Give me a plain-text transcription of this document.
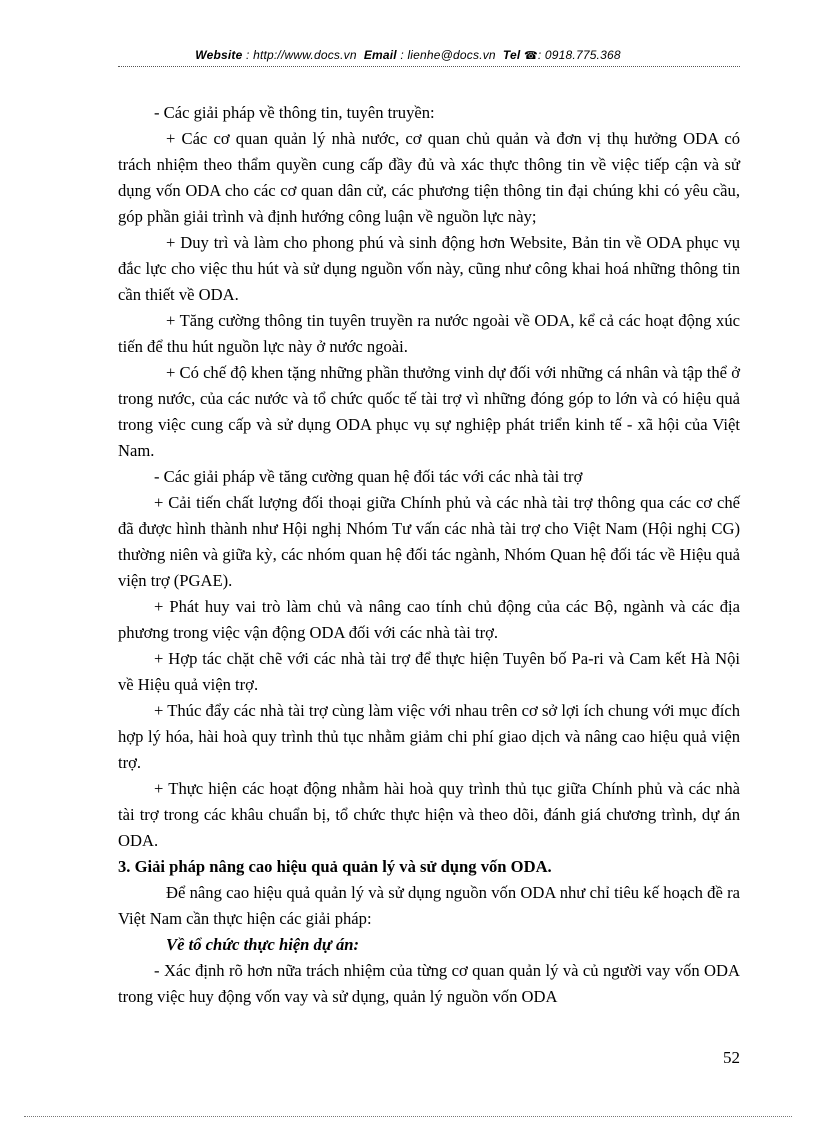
Website : http://www.docs.vn Email : lienhe@docs.vn Tel ☎: 0918.775.368

- Các giải pháp về thông tin, tuyên truyền:

+ Các cơ quan quản lý nhà nước, cơ quan chủ quản và đơn vị thụ hưởng ODA có trách nhiệm theo thẩm quyền cung cấp đầy đủ và xác thực thông tin về việc tiếp cận và sử dụng vốn ODA cho các cơ quan dân cử, các phương tiện thông tin đại chúng khi có yêu cầu, góp phần giải trình và định hướng công luận về nguồn lực này;

+ Duy trì và làm cho phong phú và sinh động hơn Website, Bản tin về ODA phục vụ đắc lực cho việc thu hút và sử dụng nguồn vốn này, cũng như công khai hoá những thông tin cần thiết về ODA.

+ Tăng cường thông tin tuyên truyền ra nước ngoài về ODA, kể cả các hoạt động xúc tiến để thu hút nguồn lực này ở nước ngoài.

+ Có chế độ khen tặng những phần thưởng vinh dự đối với những cá nhân và tập thể ở trong nước, của các nước và tổ chức quốc tế tài trợ vì những đóng góp to lớn và có hiệu quả trong việc cung cấp và sử dụng ODA phục vụ sự nghiệp phát triển kinh tế - xã hội của Việt Nam.

- Các giải pháp về tăng cường quan hệ đối tác với các nhà tài trợ

+ Cải tiến chất lượng đối thoại giữa Chính phủ và các nhà tài trợ thông qua các cơ chế đã được hình thành như Hội nghị Nhóm Tư vấn các nhà tài trợ cho Việt Nam (Hội nghị CG) thường niên và giữa kỳ, các nhóm quan hệ đối tác ngành, Nhóm Quan hệ đối tác về Hiệu quả viện trợ (PGAE).

+ Phát huy vai trò làm chủ và nâng cao tính chủ động của các Bộ, ngành và các địa phương trong việc vận động ODA đối với các nhà tài trợ.

+ Hợp tác chặt chẽ với các nhà tài trợ để thực hiện Tuyên bố Pa-ri và Cam kết Hà Nội về Hiệu quả viện trợ.

+ Thúc đẩy các nhà tài trợ cùng làm việc với nhau trên cơ sở lợi ích chung với mục đích hợp lý hóa, hài hoà quy trình thủ tục nhằm giảm chi phí giao dịch và nâng cao hiệu quả viện trợ.

+ Thực hiện các hoạt động nhằm hài hoà quy trình thủ tục giữa Chính phủ và các nhà tài trợ trong các khâu chuẩn bị, tổ chức thực hiện và theo dõi, đánh giá chương trình, dự án ODA.

3. Giải pháp nâng cao hiệu quả quản lý và sử dụng vốn ODA.

Để nâng cao hiệu quả quản lý và sử dụng nguồn vốn ODA như chỉ tiêu kế hoạch đề ra Việt Nam cần thực hiện các giải pháp:

Về tổ chức thực hiện dự án:

- Xác định rõ hơn nữa trách nhiệm của từng cơ quan quản lý và củ người vay vốn ODA trong việc huy động vốn vay và sử dụng, quản lý nguồn vốn ODA

52
